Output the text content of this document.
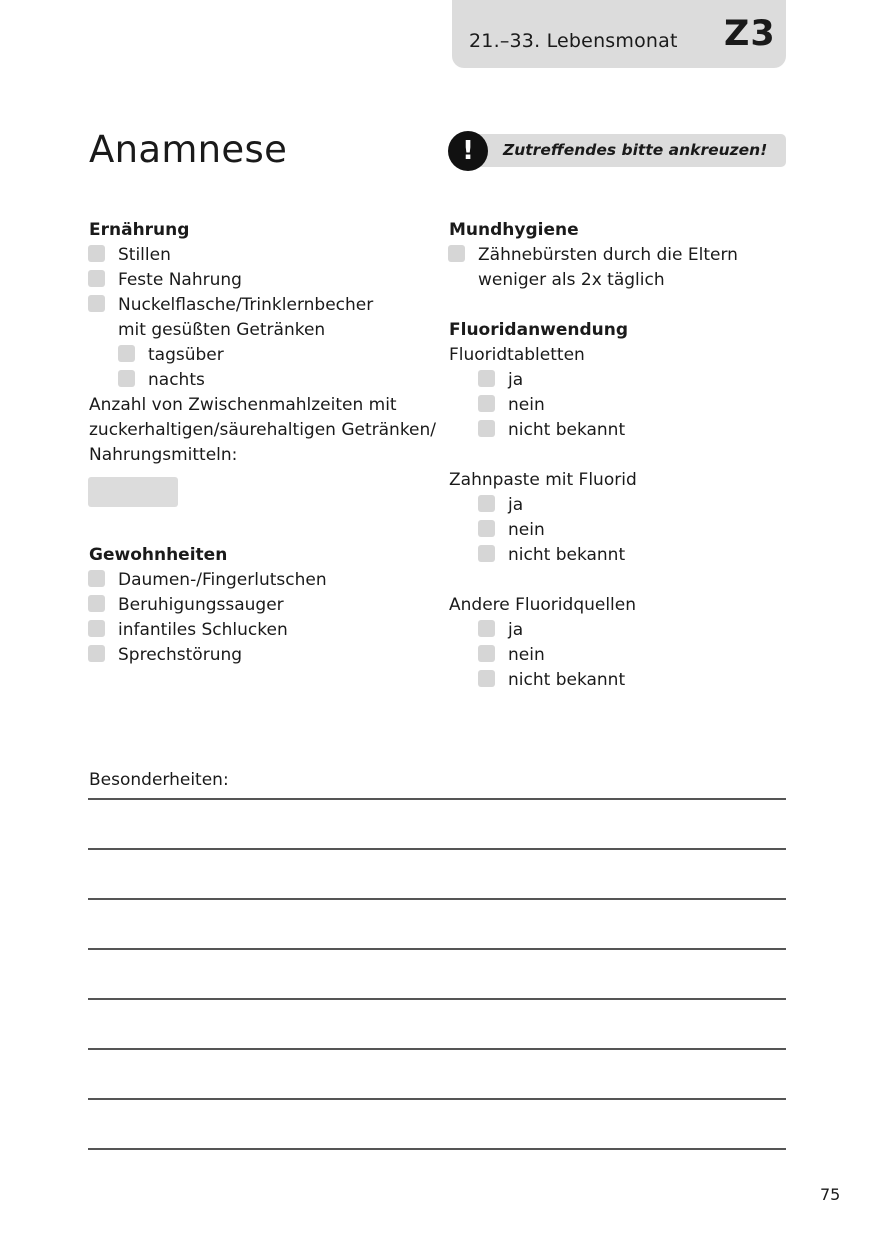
21.–33. Lebensmonat Z3
Anamnese	Zutreffendes bitte ankreuzen!
!
Ernährung
Stillen
Feste Nahrung
Nuckelflasche/Trinklernbecher
mit gesüßten Getränken
tagsüber
nachts
Anzahl von Zwischenmahlzeiten mit
zuckerhaltigen/säurehaltigen Getränken/
Nahrungsmitteln:
Gewohnheiten
Daumen-/Fingerlutschen
Beruhigungssauger
infantiles Schlucken
Sprechstörung
Mundhygiene
Zähnebürsten durch die Eltern
weniger als 2x täglich
Fluoridanwendung
Fluoridtabletten
ja
nein
nicht bekannt
Zahnpaste mit Fluorid
ja
nein
nicht bekannt
Andere Fluoridquellen
ja
nein
nicht bekannt
Besonderheiten:
75
